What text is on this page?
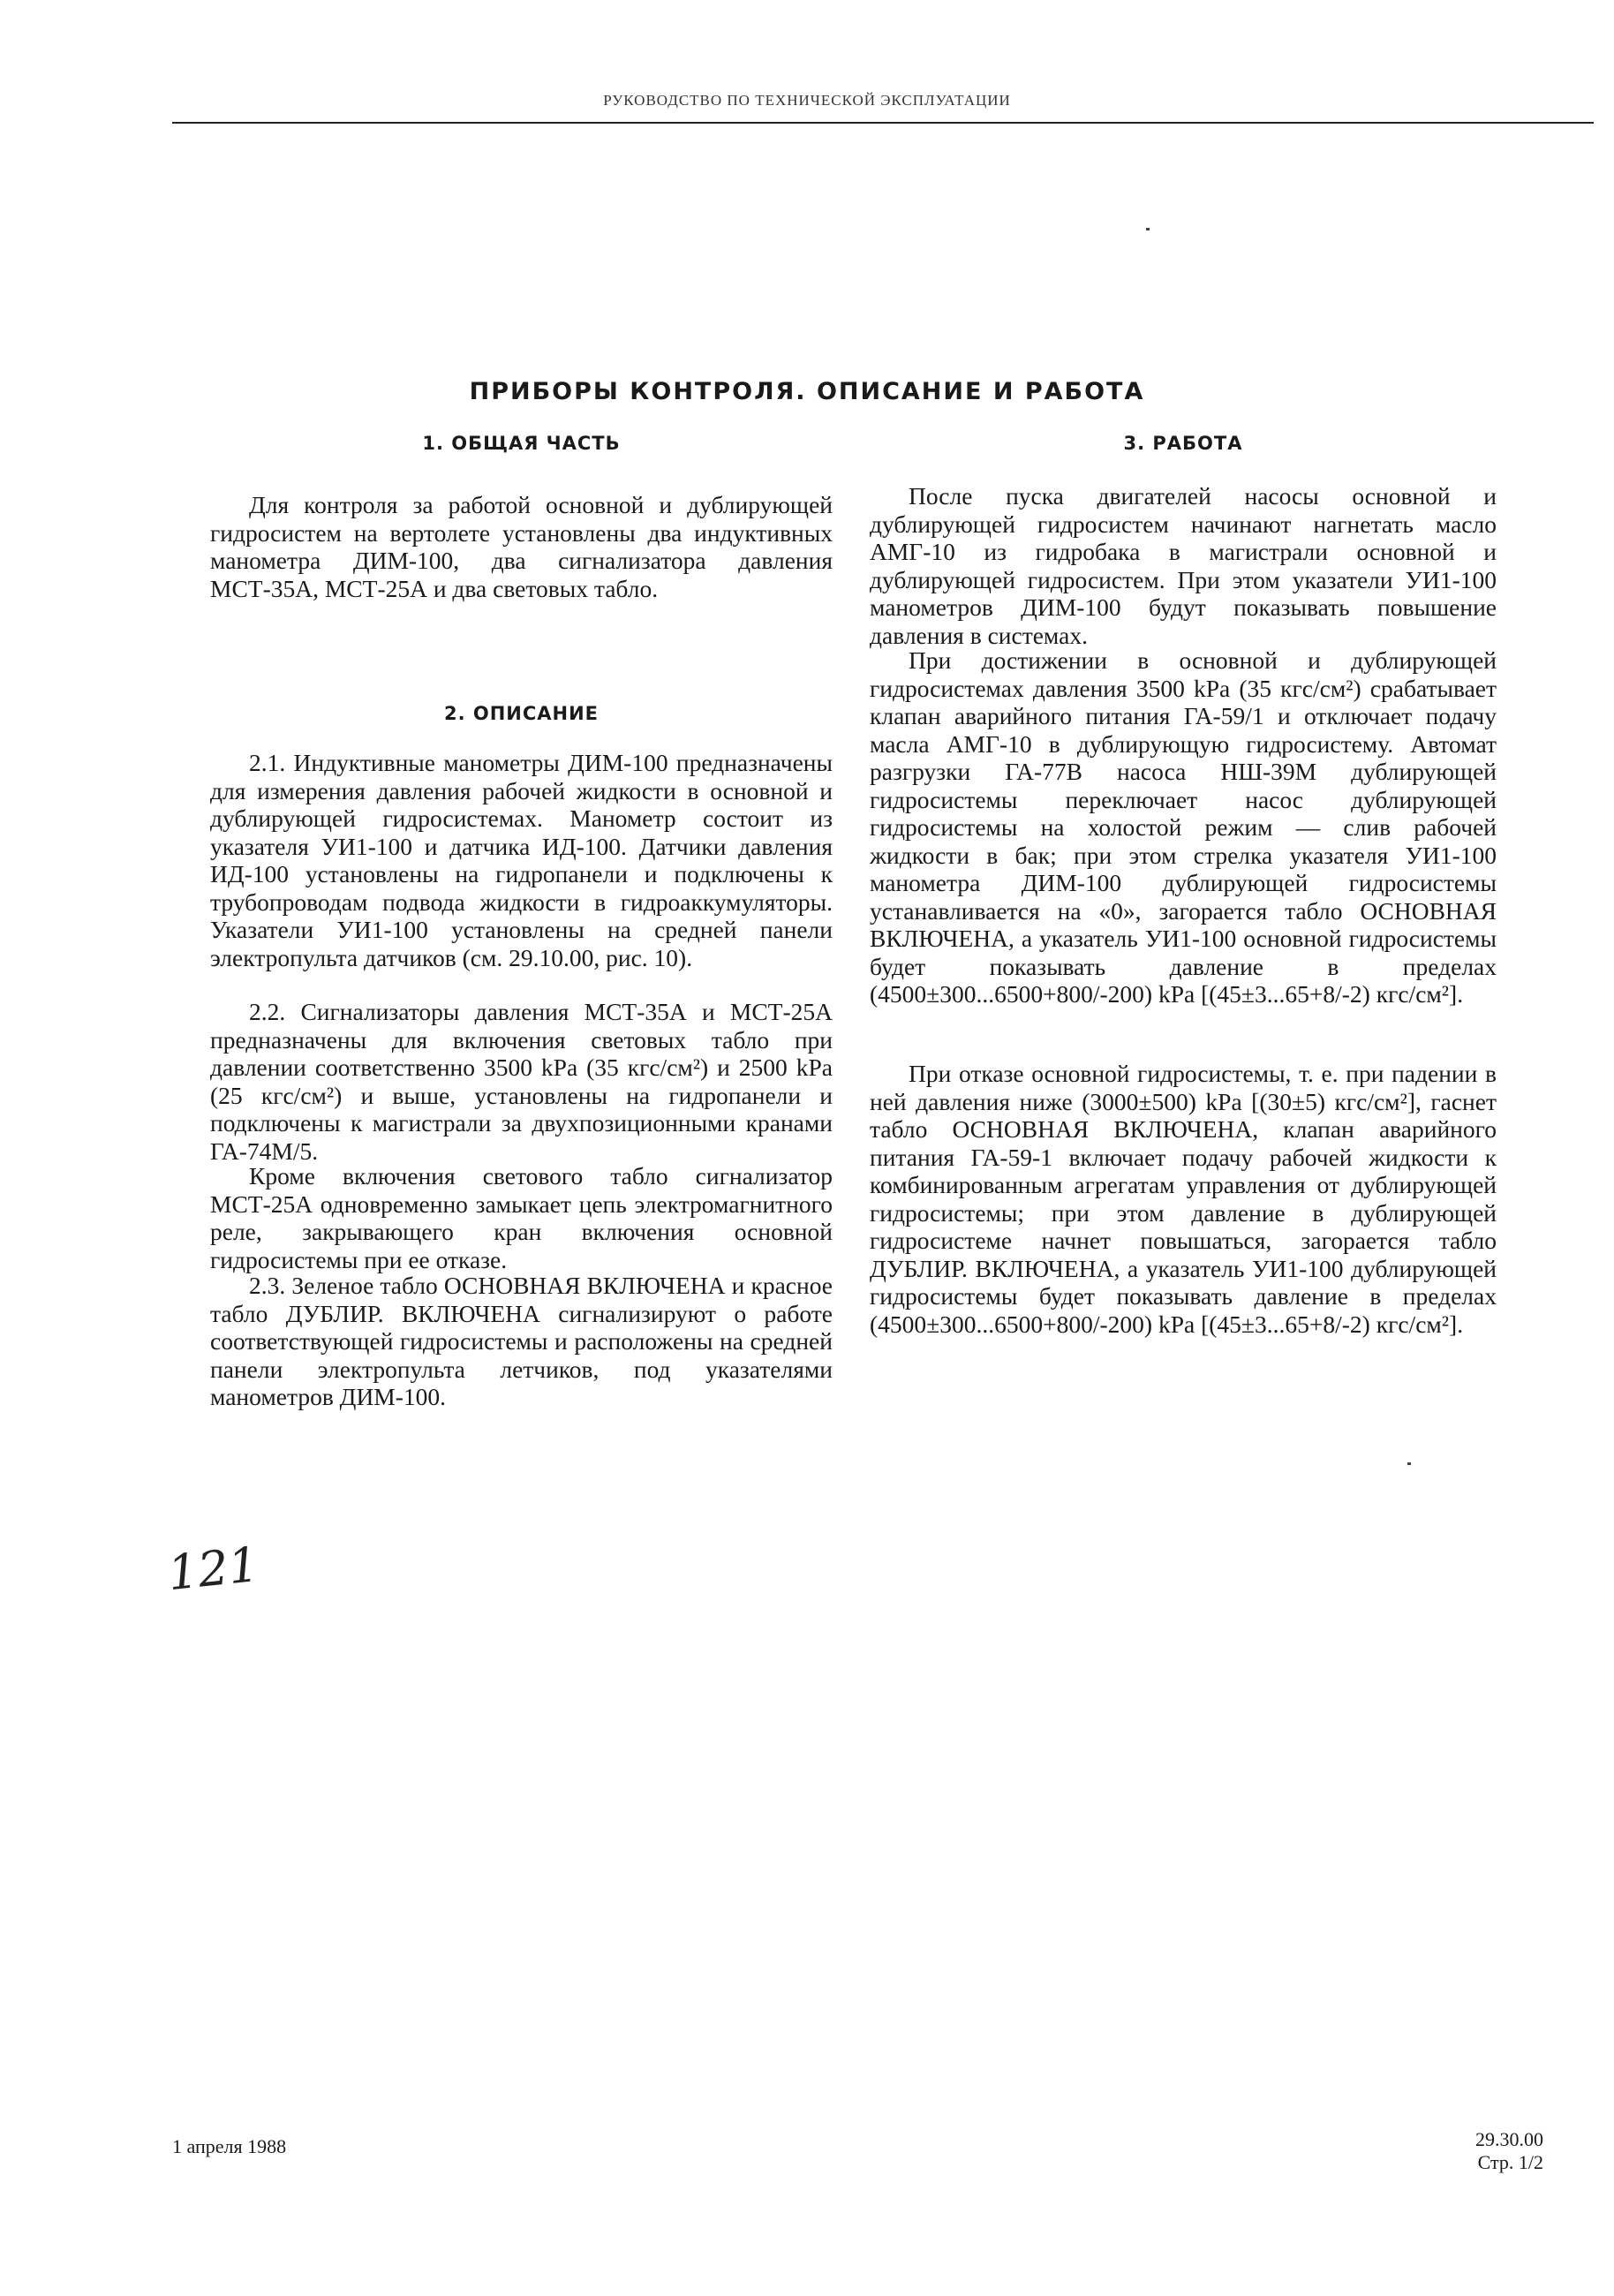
РУКОВОДСТВО ПО ТЕХНИЧЕСКОЙ ЭКСПЛУАТАЦИИ
ПРИБОРЫ КОНТРОЛЯ. ОПИСАНИЕ И РАБОТА
1. ОБЩАЯ ЧАСТЬ

Для контроля за работой основной и дублирующей гидросистем на вертолете установлены два индуктивных манометра ДИМ-100, два сигнализатора давления МСТ-35А, МСТ-25А и два световых табло.

2. ОПИСАНИЕ

2.1. Индуктивные манометры ДИМ-100 предназначены для измерения давления рабочей жидкости в основной и дублирующей гидросистемах. Манометр состоит из указателя УИ1-100 и датчика ИД-100. Датчики давления ИД-100 установлены на гидропанели и подключены к трубопроводам подвода жидкости в гидроаккумуляторы. Указатели УИ1-100 установлены на средней панели электропульта датчиков (см. 29.10.00, рис. 10).

2.2. Сигнализаторы давления МСТ-35А и МСТ-25А предназначены для включения световых табло при давлении соответственно 3500 kPa (35 кгс/см²) и 2500 kPa (25 кгс/см²) и выше, установлены на гидропанели и подключены к магистрали за двухпозиционными кранами ГА-74М/5.

Кроме включения светового табло сигнализатор МСТ-25А одновременно замыкает цепь электромагнитного реле, закрывающего кран включения основной гидросистемы при ее отказе.

2.3. Зеленое табло ОСНОВНАЯ ВКЛЮЧЕНА и красное табло ДУБЛИР. ВКЛЮЧЕНА сигнализируют о работе соответствующей гидросистемы и расположены на средней панели электропульта летчиков, под указателями манометров ДИМ-100.

3. РАБОТА

После пуска двигателей насосы основной и дублирующей гидросистем начинают нагнетать масло АМГ-10 из гидробака в магистрали основной и дублирующей гидросистем. При этом указатели УИ1-100 манометров ДИМ-100 будут показывать повышение давления в системах.

При достижении в основной и дублирующей гидросистемах давления 3500 kPa (35 кгс/см²) срабатывает клапан аварийного питания ГА-59/1 и отключает подачу масла АМГ-10 в дублирующую гидросистему. Автомат разгрузки ГА-77В насоса НШ-39М дублирующей гидросистемы переключает насос дублирующей гидросистемы на холостой режим — слив рабочей жидкости в бак; при этом стрелка указателя УИ1-100 манометра ДИМ-100 дублирующей гидросистемы устанавливается на «0», загорается табло ОСНОВНАЯ ВКЛЮЧЕНА, а указатель УИ1-100 основной гидросистемы будет показывать давление в пределах (4500±300...6500+800/-200) kPa [(45±3...65+8/-2) кгс/см²].

При отказе основной гидросистемы, т. е. при падении в ней давления ниже (3000±500) kPa [(30±5) кгс/см²], гаснет табло ОСНОВНАЯ ВКЛЮЧЕНА, клапан аварийного питания ГА-59-1 включает подачу рабочей жидкости к комбинированным агрегатам управления от дублирующей гидросистемы; при этом давление в дублирующей гидросистеме начнет повышаться, загорается табло ДУБЛИР. ВКЛЮЧЕНА, а указатель УИ1-100 дублирующей гидросистемы будет показывать давление в пределах (4500±300...6500+800/-200) kPa [(45±3...65+8/-2) кгс/см²].

121
1 апреля 1988	29.30.00
Стр. 1/2
